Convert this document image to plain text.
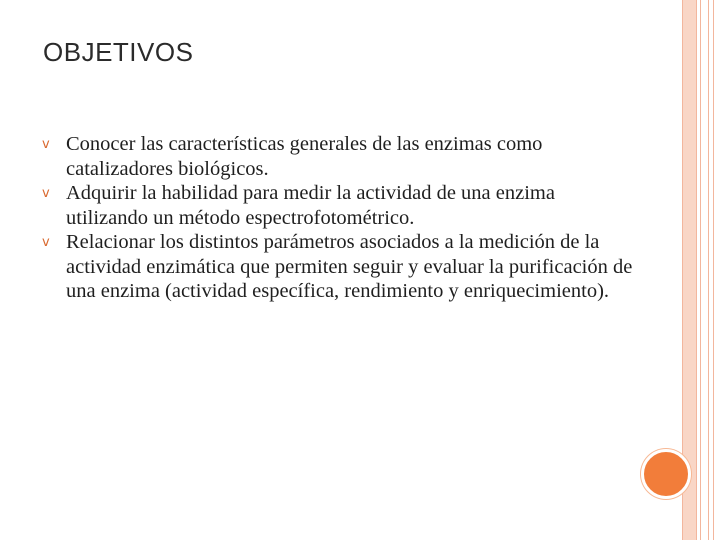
OBJETIVOS
v Conocer las características generales de las enzimas como catalizadores biológicos.
v Adquirir la habilidad para medir la actividad de una enzima utilizando un método espectrofotométrico.
v Relacionar los distintos parámetros asociados a la medición de la actividad enzimática que permiten seguir y evaluar la purificación de una enzima (actividad específica, rendimiento y enriquecimiento).
